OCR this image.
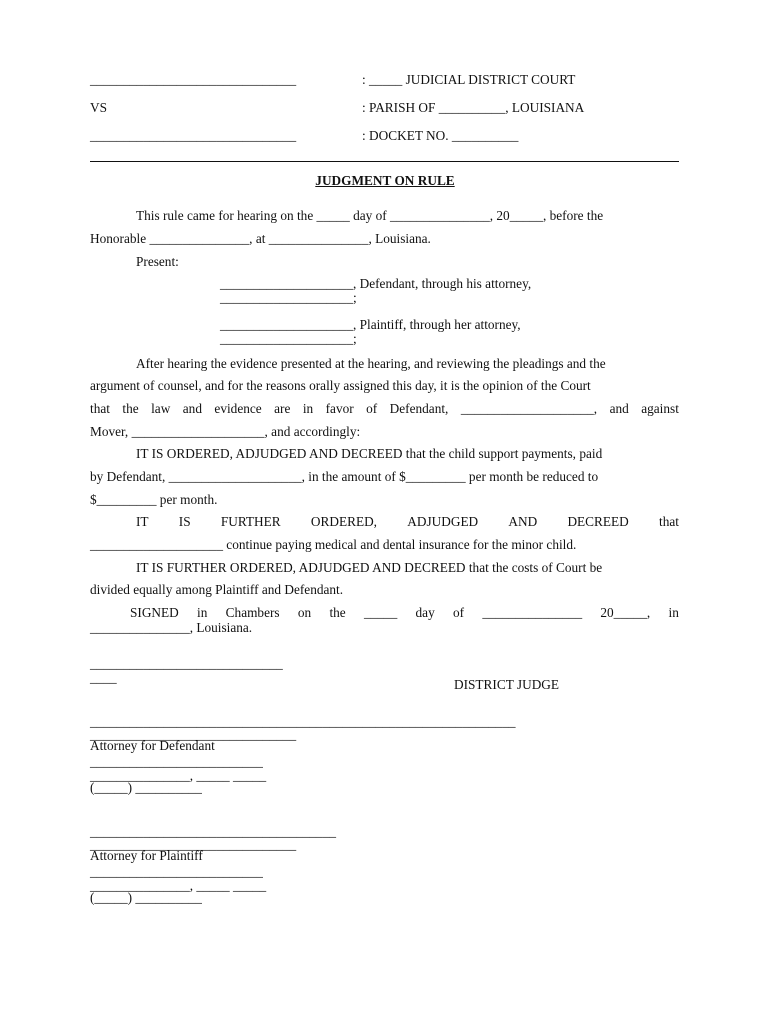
_______________________________	: _____ JUDICIAL DISTRICT COURT
VS	: PARISH OF __________, LOUISIANA
_______________________________	: DOCKET NO. __________
JUDGMENT ON RULE
This rule came for hearing on the _____ day of _______________, 20_____, before the
Honorable _______________, at _______________, Louisiana.
Present:
____________________, Defendant, through his attorney,
____________________;
____________________, Plaintiff, through her attorney,
____________________;
After hearing the evidence presented at the hearing, and reviewing the pleadings and the
argument of counsel, and for the reasons orally assigned this day, it is the opinion of the Court
that the law and evidence are in favor of Defendant, ____________________, and against
Mover, ____________________, and accordingly:
IT IS ORDERED, ADJUDGED AND DECREED that the child support payments, paid
by Defendant, ____________________, in the amount of $_________ per month be reduced to
$_________ per month.
IT IS FURTHER ORDERED, ADJUDGED AND DECREED that
____________________ continue paying medical and dental insurance for the minor child.
IT IS FURTHER ORDERED, ADJUDGED AND DECREED that the costs of Court be
divided equally among Plaintiff and Defendant.
SIGNED in Chambers on the _____ day of _______________ 20_____, in
_______________, Louisiana.
_____________________________
____	DISTRICT JUDGE
________________________________________________________________
_______________________________
Attorney for Defendant
__________________________
_______________, _____ _____
(_____) __________
_____________________________________
_______________________________
Attorney for Plaintiff
__________________________
_______________, _____ _____
(_____) __________
